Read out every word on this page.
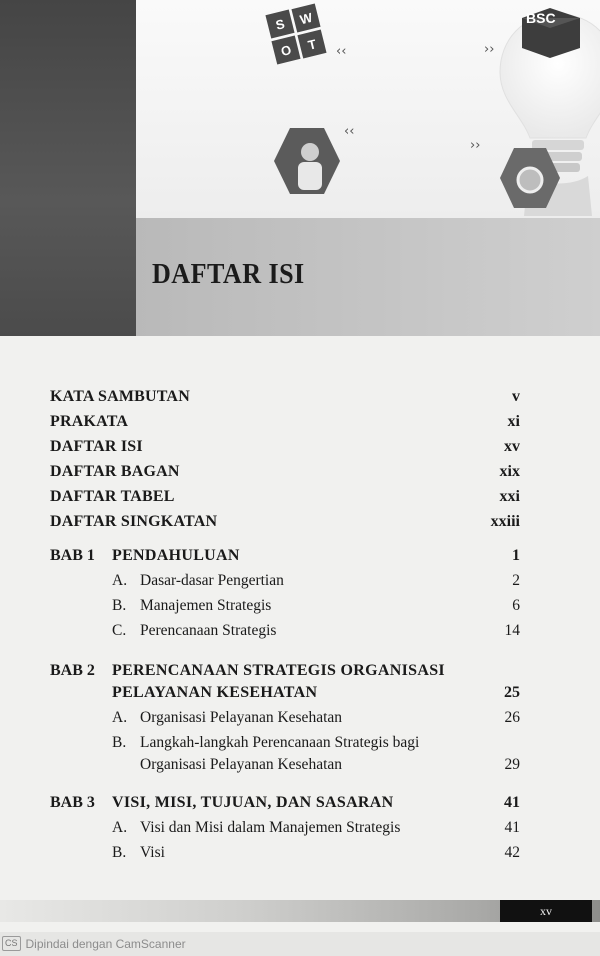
S W
O	T
BSC
‹‹	››
‹‹
››
DAFTAR ISI
KATA SAMBUTAN	v
PRAKATA	xi
DAFTAR ISI	xv
DAFTAR BAGAN	xix
DAFTAR TABEL	xxi
DAFTAR SINGKATAN	xxiii
BAB 1 PENDAHULUAN	1
A. Dasar-dasar Pengertian	2
B. Manajemen Strategis	6
C. Perencanaan Strategis	14
BAB 2 PERENCANAAN STRATEGIS ORGANISASI
PELAYANAN KESEHATAN	25
A. Organisasi Pelayanan Kesehatan	26
B. Langkah-langkah Perencanaan Strategis bagi
Organisasi Pelayanan Kesehatan	29
BAB 3 VISI, MISI, TUJUAN, DAN SASARAN	41
A. Visi dan Misi dalam Manajemen Strategis	41
B. Visi	42
xv
CS Dipindai dengan CamScanner
